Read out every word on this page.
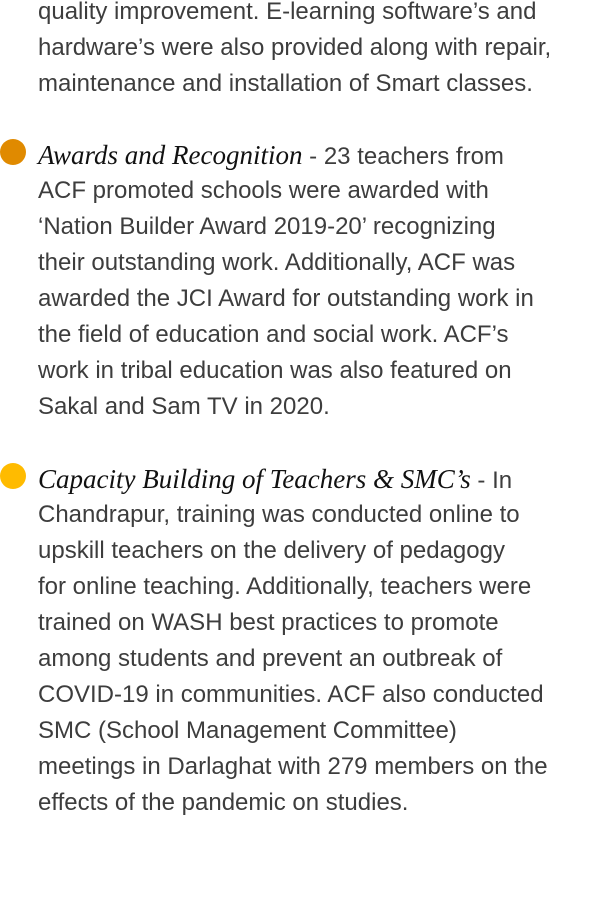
quality improvement. E-learning software’s and
hardware’s were also provided along with repair,
maintenance and installation of Smart classes.
Awards and Recognition - 23 teachers from
ACF promoted schools were awarded with
‘Nation Builder Award 2019-20’ recognizing
their outstanding work. Additionally, ACF was
awarded the JCI Award for outstanding work in
the field of education and social work. ACF’s
work in tribal education was also featured on
Sakal and Sam TV in 2020.
Capacity Building of Teachers & SMC’s - In
Chandrapur, training was conducted online to
upskill teachers on the delivery of pedagogy
for online teaching. Additionally, teachers were
trained on WASH best practices to promote
among students and prevent an outbreak of
COVID-19 in communities. ACF also conducted
SMC (School Management Committee)
meetings in Darlaghat with 279 members on the
effects of the pandemic on studies.
